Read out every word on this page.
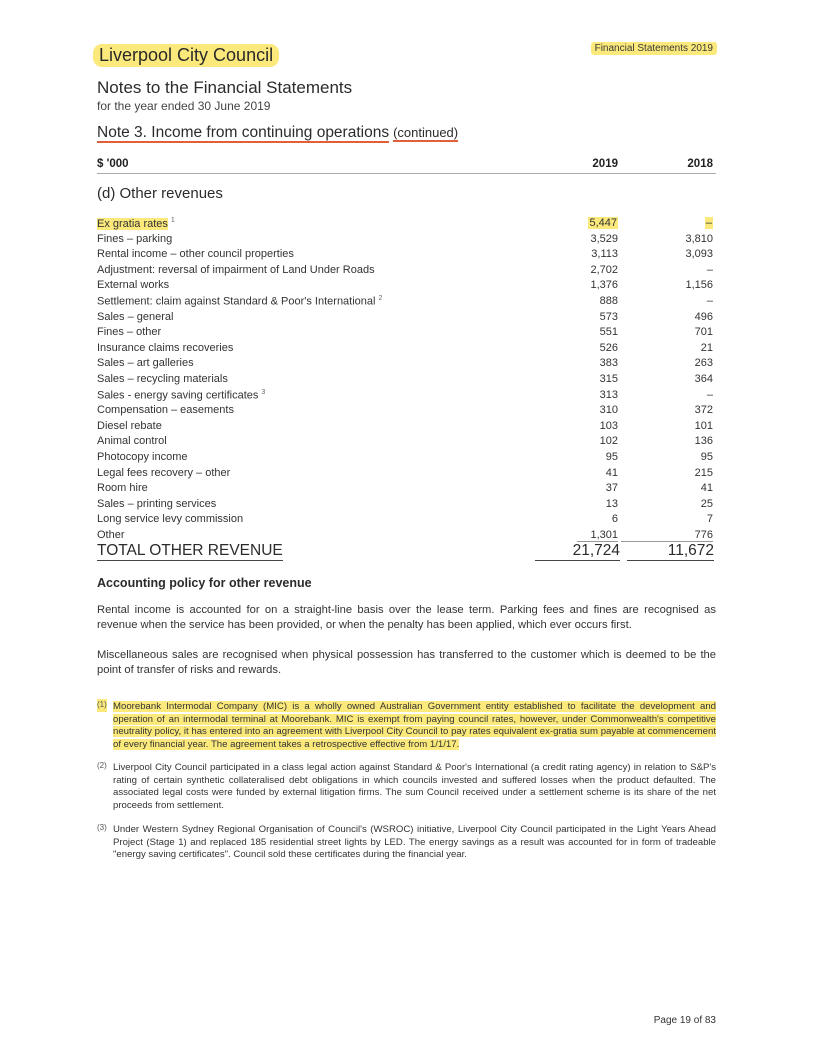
Liverpool City Council	Financial Statements 2019
Notes to the Financial Statements
for the year ended 30 June 2019
Note 3. Income from continuing operations (continued)
$ '000	2019	2018
(d) Other revenues
Ex gratia rates $^1$	5,447	–
Fines – parking	3,529	3,810
Rental income – other council properties	3,113	3,093
Adjustment: reversal of impairment of Land Under Roads	2,702	–
External works	1,376	1,156
Settlement: claim against Standard & Poor's International $^2$	888	–
Sales – general	573	496
Fines – other	551	701
Insurance claims recoveries	526	21
Sales – art galleries	383	263
Sales – recycling materials	315	364
Sales - energy saving certificates $^3$	313	–
Compensation – easements	310	372
Diesel rebate	103	101
Animal control	102	136
Photocopy income	95	95
Legal fees recovery – other	41	215
Room hire	37	41
Sales – printing services	13	25
Long service levy commission	6	7
Other	1,301	776
TOTAL OTHER REVENUE	21,724	11,672
Accounting policy for other revenue
Rental income is accounted for on a straight-line basis over the lease term. Parking fees and fines are recognised as revenue when the service has been provided, or when the penalty has been applied, which ever occurs first.
Miscellaneous sales are recognised when physical possession has transferred to the customer which is deemed to be the point of transfer of risks and rewards.
(1) Moorebank Intermodal Company (MIC) is a wholly owned Australian Government entity established to facilitate the development and operation of an intermodal terminal at Moorebank. MIC is exempt from paying council rates, however, under Commonwealth's competitive neutrality policy, it has entered into an agreement with Liverpool City Council to pay rates equivalent ex-gratia sum payable at commencement of every financial year. The agreement takes a retrospective effective from 1/1/17.
(2) Liverpool City Council participated in a class legal action against Standard & Poor's International (a credit rating agency) in relation to S&P's rating of certain synthetic collateralised debt obligations in which councils invested and suffered losses when the product defaulted. The associated legal costs were funded by external litigation firms. The sum Council received under a settlement scheme is its share of the net proceeds from settlement.
(3) Under Western Sydney Regional Organisation of Council's (WSROC) initiative, Liverpool City Council participated in the Light Years Ahead Project (Stage 1) and replaced 185 residential street lights by LED. The energy savings as a result was accounted for in form of tradeable "energy saving certificates". Council sold these certificates during the financial year.
Page 19 of 83
